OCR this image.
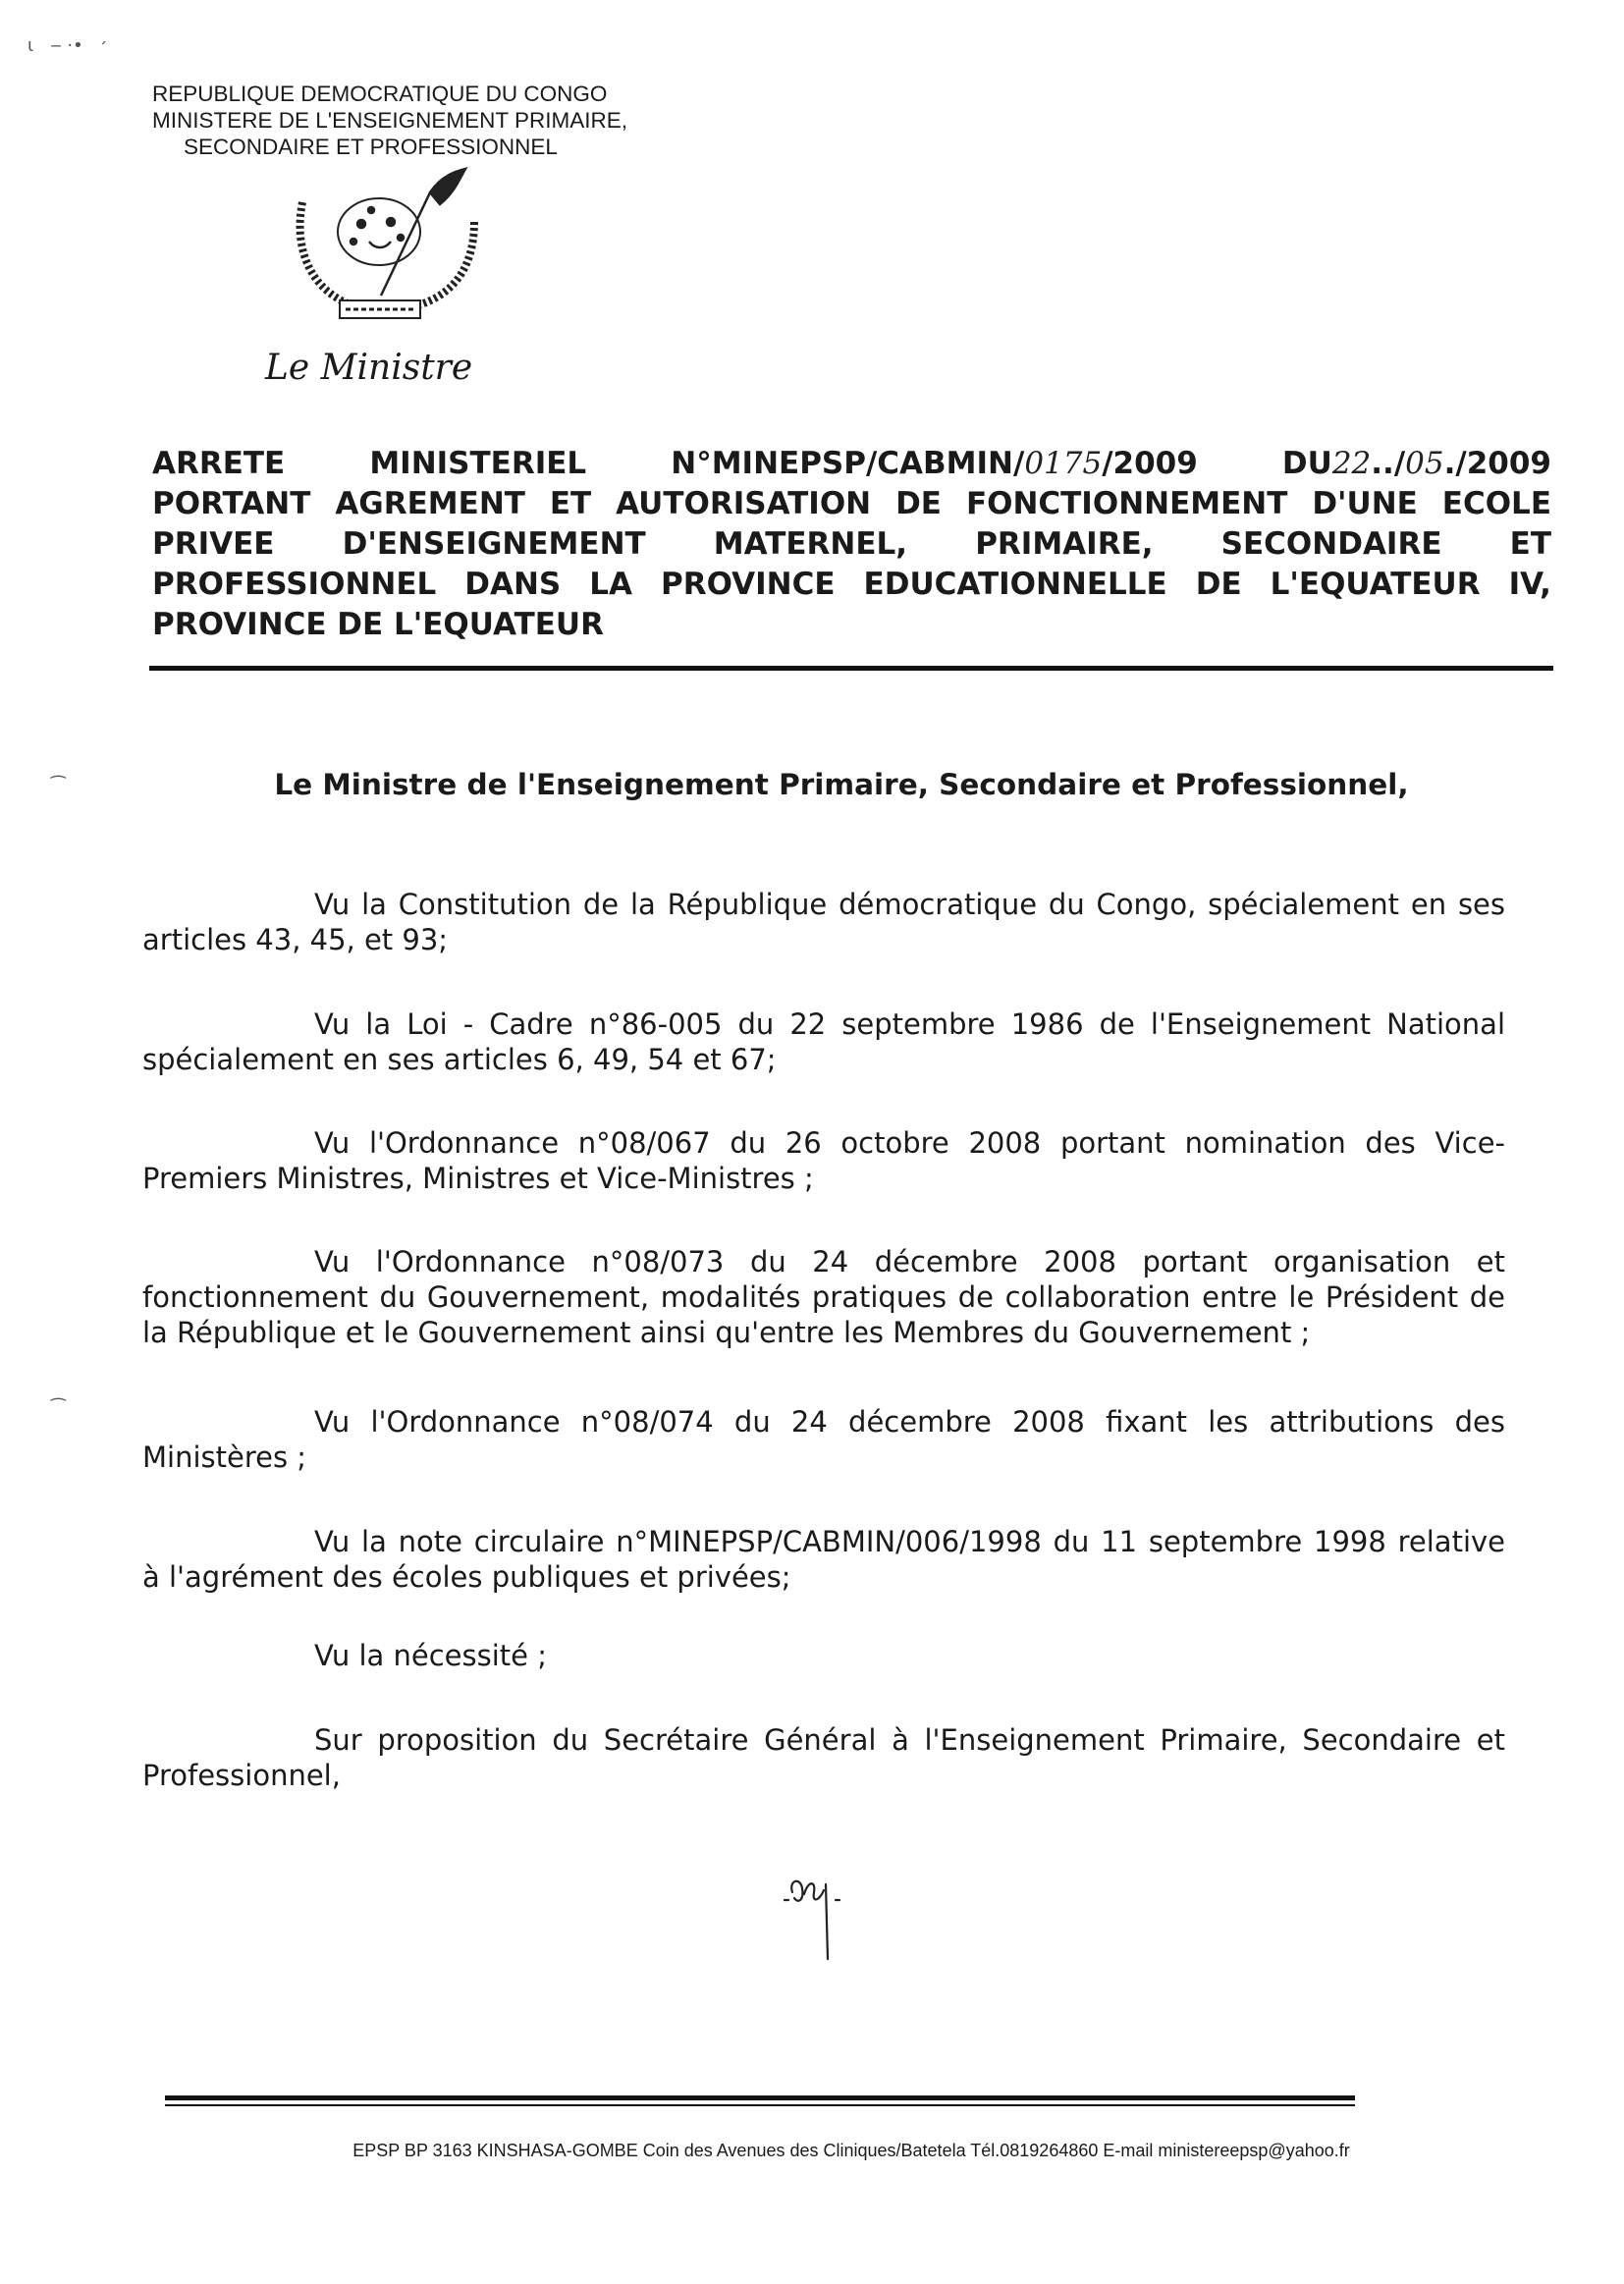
ɩ   ‒ ·•   ׳
REPUBLIQUE DEMOCRATIQUE DU CONGO
MINISTERE DE L'ENSEIGNEMENT PRIMAIRE,
SECONDAIRE ET PROFESSIONNEL
Le Ministre
ARRETE	MINISTERIEL	N°MINEPSP/CABMIN/0175/2009	DU22../05./2009
PORTANT AGREMENT ET AUTORISATION DE FONCTIONNEMENT D'UNE ECOLE
PRIVEE D'ENSEIGNEMENT MATERNEL, PRIMAIRE, SECONDAIRE ET
PROFESSIONNEL DANS LA PROVINCE EDUCATIONNELLE DE L'EQUATEUR IV,
PROVINCE DE L'EQUATEUR
⁀	Le Ministre de l'Enseignement Primaire, Secondaire et Professionnel,
Vu la Constitution de la République démocratique du Congo, spécialement en ses articles 43, 45, et 93;
Vu la Loi - Cadre n°86-005 du 22 septembre 1986 de l'Enseignement National spécialement en ses articles 6, 49, 54 et 67;
Vu l'Ordonnance n°08/067 du 26 octobre 2008 portant nomination des Vice- Premiers Ministres, Ministres et Vice-Ministres ;
Vu l'Ordonnance n°08/073 du 24 décembre 2008 portant organisation et fonctionnement du Gouvernement, modalités pratiques de collaboration entre le Président de la République et le Gouvernement ainsi qu'entre les Membres du Gouvernement ;
⁀	Vu l'Ordonnance n°08/074 du 24 décembre 2008 fixant les attributions des Ministères ;
Vu la note circulaire n°MINEPSP/CABMIN/006/1998 du 11 septembre 1998 relative à l'agrément des écoles publiques et privées;
Vu la nécessité ;
Sur proposition du Secrétaire Général à l'Enseignement Primaire, Secondaire et Professionnel,
EPSP BP 3163 KINSHASA-GOMBE Coin des Avenues des Cliniques/Batetela Tél.0819264860 E-mail ministereepsp@yahoo.fr
